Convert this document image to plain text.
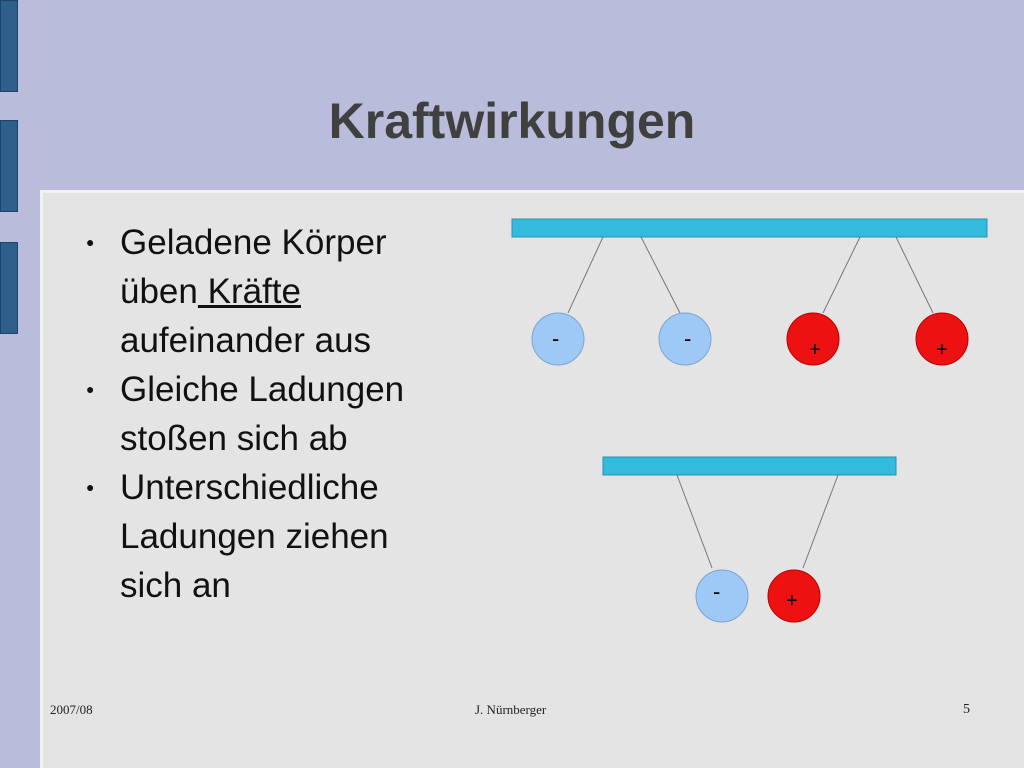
Kraftwirkungen
● Geladene Körper
üben Kräfte
aufeinander aus
● Gleiche Ladungen
stoßen sich ab
● Unterschiedliche
Ladungen ziehen
sich an
-	-	+	+
-	+
2007/08	J. Nürnberger	5
